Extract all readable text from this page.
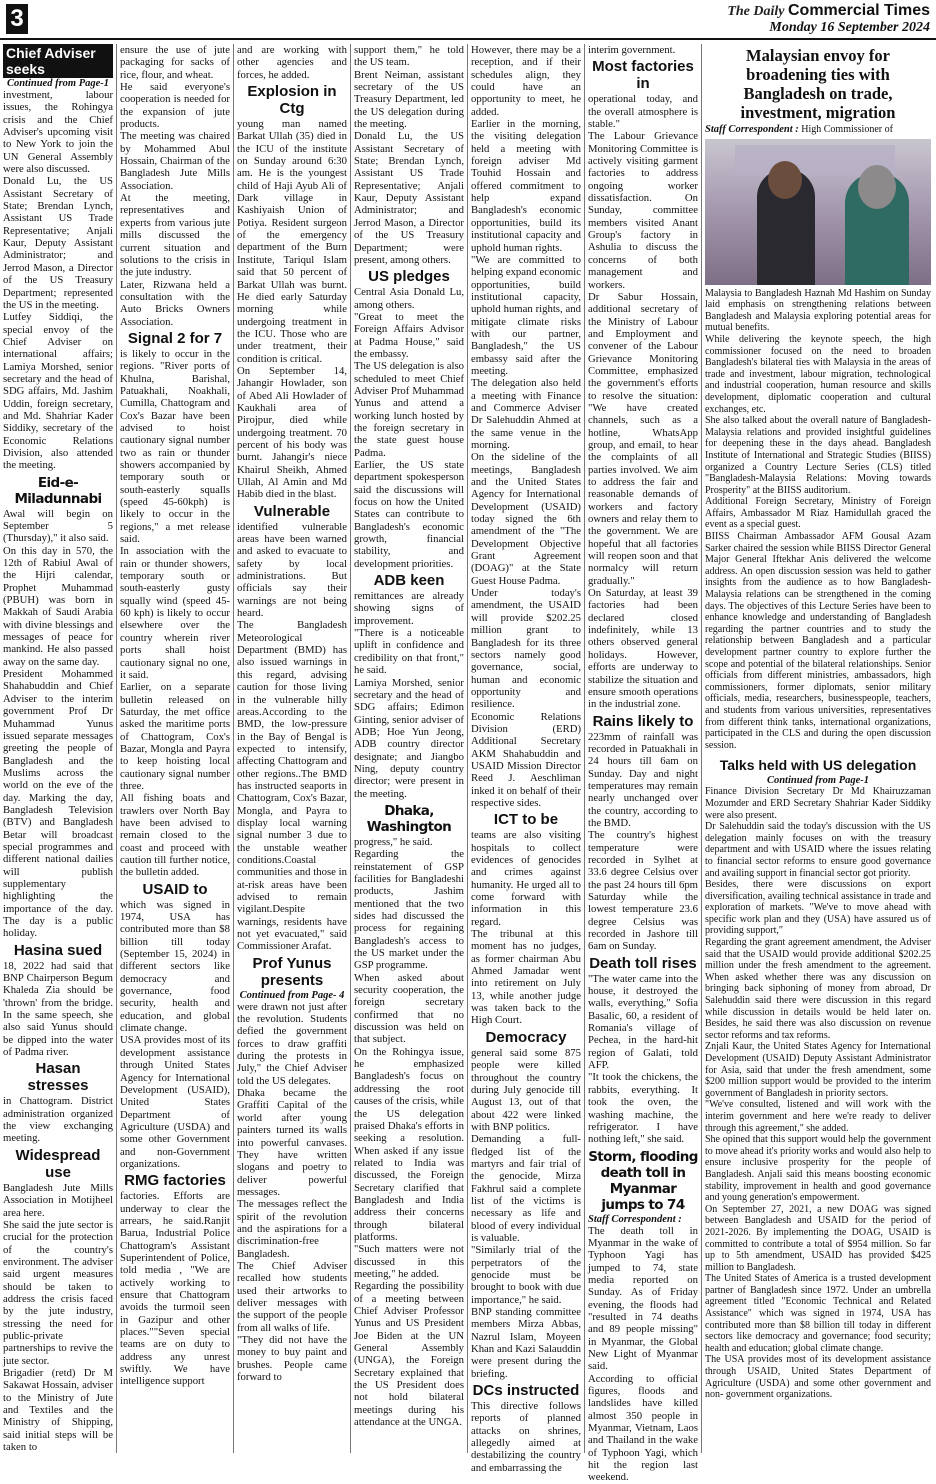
3	The Daily Commercial Times
Monday 16 September 2024
Chief Adviser seeks
Continued from Page-1

investment, labour issues, the Rohingya crisis and the Chief Adviser's upcoming visit to New York to join the UN General Assembly were also discussed.

Donald Lu, the US Assistant Secretary of State; Brendan Lynch, Assistant US Trade Representative; Anjali Kaur, Deputy Assistant Administrator; and Jerrod Mason, a Director of the US Treasury Department; represented the US in the meeting.

Lutfey Siddiqi, the special envoy of the Chief Adviser on international affairs; Lamiya Morshed, senior secretary and the head of SDG affairs, Md. Jashim Uddin, foreign secretary, and Md. Shahriar Kader Siddiky, secretary of the Economic Relations Division, also attended the meeting.

Eid-e-Miladunnabi

Awal will begin on September 5 (Thursday)," it also said.

On this day in 570, the 12th of Rabiul Awal of the Hijri calendar, Prophet Muhammad (PBUH) was born in Makkah of Saudi Arabia with divine blessings and messages of peace for mankind. He also passed away on the same day.

President Mohammed Shahabuddin and Chief Adviser to the interim government Prof Dr Muhammad Yunus issued separate messages greeting the people of Bangladesh and the Muslims across the world on the eve of the day. Marking the day, Bangladesh Television (BTV) and Bangladesh Betar will broadcast special programmes and different national dailies will publish supplementary highlighting the importance of the day. The day is a public holiday.

Hasina sued

18, 2022 had said that BNP Chairperson Begum Khaleda Zia should be 'thrown' from the bridge. In the same speech, she also said Yunus should be dipped into the water of Padma river.

Hasan stresses

in Chattogram. District administration organized the view exchanging meeting.

Widespread use

Bangladesh Jute Mills Association in Motijheel area here.

She said the jute sector is crucial for the protection of the country's environment. The adviser said urgent measures should be taken to address the crisis faced by the jute industry, stressing the need for public-private partnerships to revive the jute sector.

Brigadier (retd) Dr M Sakawat Hossain, adviser to the Ministry of Jute and Textiles and the Ministry of Shipping, said initial steps will be taken to

ensure the use of jute packaging for sacks of rice, flour, and wheat.

He said everyone's cooperation is needed for the expansion of jute products.

The meeting was chaired by Mohammed Abul Hossain, Chairman of the Bangladesh Jute Mills Association.

At the meeting, representatives and experts from various jute mills discussed the current situation and solutions to the crisis in the jute industry.

Later, Rizwana held a consultation with the Auto Bricks Owners Association.

Signal 2 for 7

is likely to occur in the regions. "River ports of Khulna, Barishal, Patuakhali, Noakhali, Cumilla, Chattogram and Cox's Bazar have been advised to hoist cautionary signal number two as rain or thunder showers accompanied by temporary south or south-easterly squalls (speed 45-60kph) is likely to occur in the regions," a met release said.

In association with the rain or thunder showers, temporary south or south-easterly gusty squally wind (speed 45-60 kph) is likely to occur elsewhere over the country wherein river ports shall hoist cautionary signal no one, it said.

Earlier, on a separate bulletin released on Saturday, the met office asked the maritime ports of Chattogram, Cox's Bazar, Mongla and Payra to keep hoisting local cautionary signal number three.

All fishing boats and trawlers over North Bay have been advised to remain closed to the coast and proceed with caution till further notice, the bulletin added.

USAID to

which was signed in 1974, USA has contributed more than $8 billion till today (September 15, 2024) in different sectors like democracy and governance, food security, health and education, and global climate change.

USA provides most of its development assistance through United States Agency for International Development (USAID), United States Department of Agriculture (USDA) and some other Government and non-Government organizations.

RMG factories

factories. Efforts are underway to clear the arrears, he said.Ranjit Barua, Industrial Police Chattogram's Assistant Superintendent of Police, told media , "We are actively working to ensure that Chattogram avoids the turmoil seen in Gazipur and other places.""Seven special teams are on duty to address any unrest swiftly. We have intelligence support

and are working with other agencies and forces, he added.

Explosion in Ctg

young man named Barkat Ullah (35) died in the ICU of the institute on Sunday around 6:30 am. He is the youngest child of Haji Ayub Ali of Dark village in Kashiyaish Union of Potiya. Resident surgeon of the emergency department of the Burn Institute, Tariqul Islam said that 50 percent of Barkat Ullah was burnt. He died early Saturday morning while undergoing treatment in the ICU. Those who are under treatment, their condition is critical.

On September 14, Jahangir Howlader, son of Abed Ali Howlader of Kaukhali area of Pirojpur, died while undergoing treatment. 70 percent of his body was burnt. Jahangir's niece Khairul Sheikh, Ahmed Ullah, Al Amin and Md Habib died in the blast.

Vulnerable

identified vulnerable areas have been warned and asked to evacuate to safety by local administrations. But officials say their warnings are not being heard.

The Bangladesh Meteorological Department (BMD) has also issued warnings in this regard, advising caution for those living in the vulnerable hilly areas.According to the BMD, the low-pressure in the Bay of Bengal is expected to intensify, affecting Chattogram and other regions..The BMD has instructed seaports in Chattogram, Cox's Bazar, Mongla, and Payra to display local warning signal number 3 due to the unstable weather conditions.Coastal communities and those in at-risk areas have been advised to remain vigilant.Despite warnings, residents have not yet evacuated," said Commissioner Arafat.

Prof Yunus presents
Continued from Page- 4

were drawn not just after the revolution. Students defied the government forces to draw graffiti during the protests in July," the Chief Adviser told the US delegates.

Dhaka became the Graffiti Capital of the world after young painters turned its walls into powerful canvases. They have written slogans and poetry to deliver powerful messages.

The messages reflect the spirit of the revolution and the aspirations for a discrimination-free Bangladesh.

The Chief Adviser recalled how students used their artworks to deliver messages with the support of the people from all walks of life.

"They did not have the money to buy paint and brushes. People came forward to

support them," he told the US team.

Brent Neiman, assistant secretary of the US Treasury Department, led the US delegation during the meeting.

Donald Lu, the US Assistant Secretary of State; Brendan Lynch, Assistant US Trade Representative; Anjali Kaur, Deputy Assistant Administrator; and Jerrod Mason, a Director of the US Treasury Department; were present, among others.

US pledges

Central Asia Donald Lu, among others.

"Great to meet the Foreign Affairs Advisor at Padma House," said the embassy.

The US delegation is also scheduled to meet Chief Adviser Prof Muhammad Yunus and attend a working lunch hosted by the foreign secretary in the state guest house Padma.

Earlier, the US state department spokesperson said the discussions will focus on how the United States can contribute to Bangladesh's economic growth, financial stability, and development priorities.

ADB keen

remittances are already showing signs of improvement.

"There is a noticeable uplift in confidence and credibility on that front," he said.

Lamiya Morshed, senior secretary and the head of SDG affairs; Edimon Ginting, senior adviser of ADB; Hoe Yun Jeong, ADB country director designate; and Jiangbo Ning, deputy country director; were present in the meeting.

Dhaka, Washington

progress," he said.

Regarding the reinstatement of GSP facilities for Bangladeshi products, Jashim mentioned that the two sides had discussed the process for regaining Bangladesh's access to the US market under the GSP programme.

When asked about security cooperation, the foreign secretary confirmed that no discussion was held on that subject.

On the Rohingya issue, he emphasized Bangladesh's focus on addressing the root causes of the crisis, while the US delegation praised Dhaka's efforts in seeking a resolution. When asked if any issue related to India was discussed, the Foreign Secretary clarified that Bangladesh and India address their concerns through bilateral platforms.

"Such matters were not discussed in this meeting," he added.

Regarding the possibility of a meeting between Chief Adviser Professor Yunus and US President Joe Biden at the UN General Assembly (UNGA), the Foreign Secretary explained that the US President does not hold bilateral meetings during his attendance at the UNGA.

However, there may be a reception, and if their schedules align, they could have an opportunity to meet, he added.

Earlier in the morning, the visiting delegation held a meeting with foreign adviser Md Touhid Hossain and offered commitment to help expand Bangladesh's economic opportunities, build its institutional capacity and uphold human rights.

"We are committed to helping expand economic opportunities, build institutional capacity, uphold human rights, and mitigate climate risks with our partner, Bangladesh," the US embassy said after the meeting.

The delegation also held a meeting with Finance and Commerce Adviser Dr Salehuddin Ahmed at the same venue in the morning.

On the sideline of the meetings, Bangladesh and the United States Agency for International Development (USAID) today signed the 6th amendment of the "The Development Objective Grant Agreement (DOAG)" at the State Guest House Padma.

Under today's amendment, the USAID will provide $202.25 million grant to Bangladesh for its three sectors namely good governance, social, human and economic opportunity and resilience.

Economic Relations Division (ERD) Additional Secretary AKM Shahabuddin and USAID Mission Director Reed J. Aeschliman inked it on behalf of their respective sides.

ICT to be

teams are also visiting hospitals to collect evidences of genocides and crimes against humanity. He urged all to come forward with information in this regard.

The tribunal at this moment has no judges, as former chairman Abu Ahmed Jamadar went into retirement on July 13, while another judge was taken back to the High Court.

Democracy

general said some 875 people were killed throughout the country during July genocide till August 13, out of that about 422 were linked with BNP politics.

Demanding a full-fledged list of the martyrs and fair trial of the genocide, Mirza Fakhrul said a complete list of the victims is necessary as life and blood of every individual is valuable.

"Similarly trial of the perpetrators of the genocide must be brought to book with due importance," he said.

BNP standing committee members Mirza Abbas, Nazrul Islam, Moyeen Khan and Kazi Salauddin were present during the briefing.

DCs instructed

This directive follows reports of planned attacks on shrines, allegedly aimed at destabilizing the country and embarrassing the

interim government.

Most factories in

operational today, and the overall atmosphere is stable."

The Labour Grievance Monitoring Committee is actively visiting garment factories to address ongoing worker dissatisfaction. On Sunday, committee members visited Anant Group's factory in Ashulia to discuss the concerns of both management and workers.

Dr Sabur Hossain, additional secretary of the Ministry of Labour and Employment and convener of the Labour Grievance Monitoring Committee, emphasized the government's efforts to resolve the situation: "We have created channels, such as a hotline, WhatsApp group, and email, to hear the complaints of all parties involved. We aim to address the fair and reasonable demands of workers and factory owners and relay them to the government. We are hopeful that all factories will reopen soon and that normalcy will return gradually."

On Saturday, at least 39 factories had been declared closed indefinitely, while 13 others observed general holidays. However, efforts are underway to stabilize the situation and ensure smooth operations in the industrial zone.

Rains likely to

223mm of rainfall was recorded in Patuakhali in 24 hours till 6am on Sunday. Day and night temperatures may remain nearly unchanged over the country, according to the BMD.

The country's highest temperature were recorded in Sylhet at 33.6 degree Celsius over the past 24 hours till 6pm Saturday while the lowest temperature 23.6 degree Celsius was recorded in Jashore till 6am on Sunday.

Death toll rises

"The water came into the house, it destroyed the walls, everything," Sofia Basalic, 60, a resident of Romania's village of Pechea, in the hard-hit region of Galati, told AFP.

"It took the chickens, the rabbits, everything. It took the oven, the washing machine, the refrigerator. I have nothing left," she said.

Storm, flooding
death toll in
Myanmar jumps to 74
Staff Correspondent :

The death toll in Myanmar in the wake of Typhoon Yagi has jumped to 74, state media reported on Sunday. As of Friday evening, the floods had "resulted in 74 deaths and 89 people missing" in Myanmar, the Global New Light of Myanmar said.

According to official figures, floods and landslides have killed almost 350 people in Myanmar, Vietnam, Laos and Thailand in the wake of Typhoon Yagi, which hit the region last weekend.

Malaysian envoy for broadening ties with Bangladesh on trade, investment, migration

Staff Correspondent : High Commissioner of

Malaysia to Bangladesh Haznah Md Hashim on Sunday laid emphasis on strengthening relations between Bangladesh and Malaysia exploring potential areas for mutual benefits.

While delivering the keynote speech, the high commissioner focused on the need to broaden Bangladesh's bilateral ties with Malaysia in the areas of trade and investment, labour migration, technological and industrial cooperation, human resource and skills development, diplomatic cooperation and cultural exchanges, etc.

She also talked about the overall nature of Bangladesh-Malaysia relations and provided insightful guidelines for deepening these in the days ahead. Bangladesh Institute of International and Strategic Studies (BIISS) organized a Country Lecture Series (CLS) titled "Bangladesh-Malaysia Relations: Moving towards Prosperity" at the BIISS auditorium.

Additional Foreign Secretary, Ministry of Foreign Affairs, Ambassador M Riaz Hamidullah graced the event as a special guest.

BIISS Chairman Ambassador AFM Gousal Azam Sarker chaired the session while BIISS Director General Major General Iftekhar Anis delivered the welcome address. An open discussion session was held to gather insights from the audience as to how Bangladesh-Malaysia relations can be strengthened in the coming days. The objectives of this Lecture Series have been to enhance knowledge and understanding of Bangladesh regarding the partner countries and to study the relationship between Bangladesh and a particular development partner country to explore further the scope and potential of the bilateral relationships. Senior officials from different ministries, ambassadors, high commissioners, former diplomats, senior military officials, media, researchers, businesspeople, teachers, and students from various universities, representatives from different think tanks, international organizations, participated in the CLS and during the open discussion session.

Talks held with US delegation
Continued from Page-1

Finance Division Secretary Dr Md Khairuzzaman Mozumder and ERD Secretary Shahriar Kader Siddiky were also present.

Dr Salehuddin said the today's discussion with the US delegation mainly focuses on with the treasury department and with USAID where the issues relating to financial sector reforms to ensure good governance and availing support in financial sector got priority.

Besides, there were discussions on export diversification, availing technical assistance in trade and exploration of markets. "We've to move ahead with specific work plan and they (USA) have assured us of providing support,"

Regarding the grant agreement amendment, the Adviser said that the USAID would provide additional $202.25 million under the fresh amendment to the agreement. When asked whether there was any discussion on bringing back siphoning of money from abroad, Dr Salehuddin said there were discussion in this regard while discussion in details would be held later on. Besides, he said there was also discussion on revenue sector reforms and tax reforms.

Znjali Kaur, the United States Agency for International Development (USAID) Deputy Assistant Administrator for Asia, said that under the fresh amendment, some $200 million support would be provided to the interim government of Bangladesh in priority sectors.

"We've consulted, listened and will work with the interim government and here we're ready to deliver through this agreement," she added.

She opined that this support would help the government to move ahead it's priority works and would also help to ensure inclusive prosperity for the people of Bangladesh. Anjali said this means boosting economic stability, improvement in health and good governance and young generation's empowerment.

On September 27, 2021, a new DOAG was signed between Bangladesh and USAID for the period of 2021-2026. By implementing the DOAG, USAID is committed to contribute a total of $954 million. So far up to 5th amendment, USAID has provided $425 million to Bangladesh.

The United States of America is a trusted development partner of Bangladesh since 1972. Under an umbrella agreement titled "Economic Technical and Related Assistance" which was signed in 1974, USA has contributed more than $8 billion till today in different sectors like democracy and governance; food security; health and education; global climate change.

The USA provides most of its development assistance through USAID, United States Department of Agriculture (USDA) and some other government and non- government organizations.
